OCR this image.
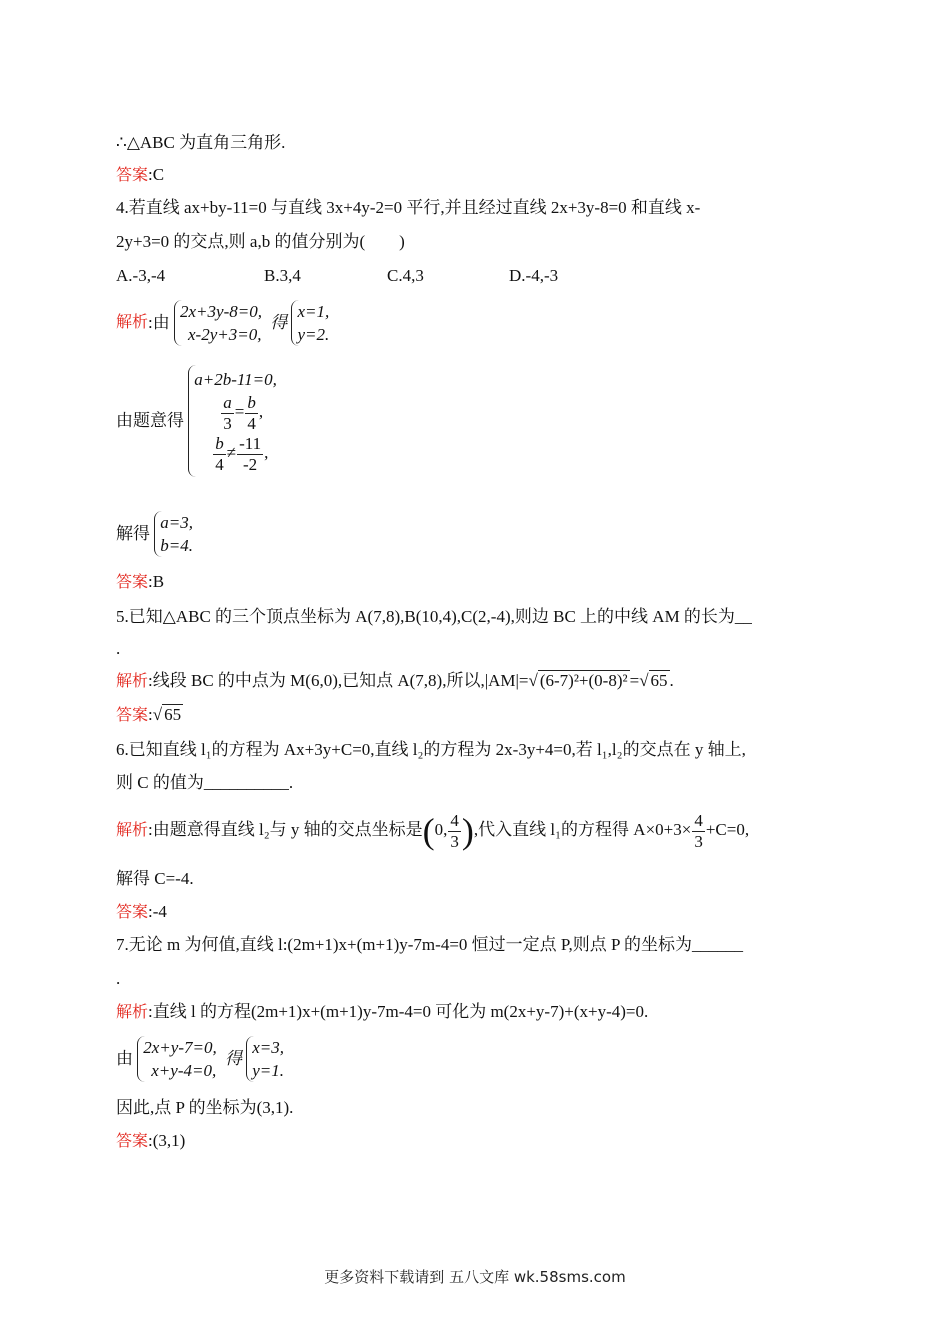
∴△ABC 为直角三角形.
答案:C
4.若直线 ax+by-11=0 与直线 3x+4y-2=0 平行,并且经过直线 2x+3y-8=0 和直线 x-
2y+3=0 的交点,则 a,b 的值分别为(　　)
A.-3,-4	B.3,4	C.4,3	D.-4,-3
解析:由 2x+3y-8=0,
x-2y+3=0, 得 x=1,
y=2.
由题意得 a+2b-11=0,

$\frac{a}{3} = \frac{b}{4}$ ,

$\frac{b}{4} \ne \frac{-11}{-2}$ ,
解得 a=3,
b=4.
答案:B
5.已知△ABC 的三个顶点坐标为 A(7,8),B(10,4),C(2,-4),则边 BC 上的中线 AM 的长为__
.
解析:线段 BC 的中点为 M(6,0),已知点 A(7,8),所以,|AM|=√ (6-7)²+(0-8)² =√ 65 .
答案:√ 65
6.已知直线 l₁的方程为 Ax+3y+C=0,直线 l₂的方程为 2x-3y+4=0,若 l₁,l₂的交点在 y 轴上,
则 C 的值为__________.
解析:由题意得直线 l₂与 y 轴的交点坐标是(0, $\frac{4}{3}$ ),代入直线 l₁的方程得 $A\times 0+3\times \frac{4}{3} +C=0$,
解得 C=-4.
答案:-4
7.无论 m 为何值,直线 l:(2m+1)x+(m+1)y-7m-4=0 恒过一定点 P,则点 P 的坐标为______
.
解析:直线 l 的方程(2m+1)x+(m+1)y-7m-4=0 可化为 m(2x+y-7)+(x+y-4)=0.
由 2x+y-7=0,
x+y-4=0, 得 x=3,
y=1.
因此,点 P 的坐标为(3,1).
答案:(3,1)
更多资料下载请到 五八文库 wk.58sms.com
